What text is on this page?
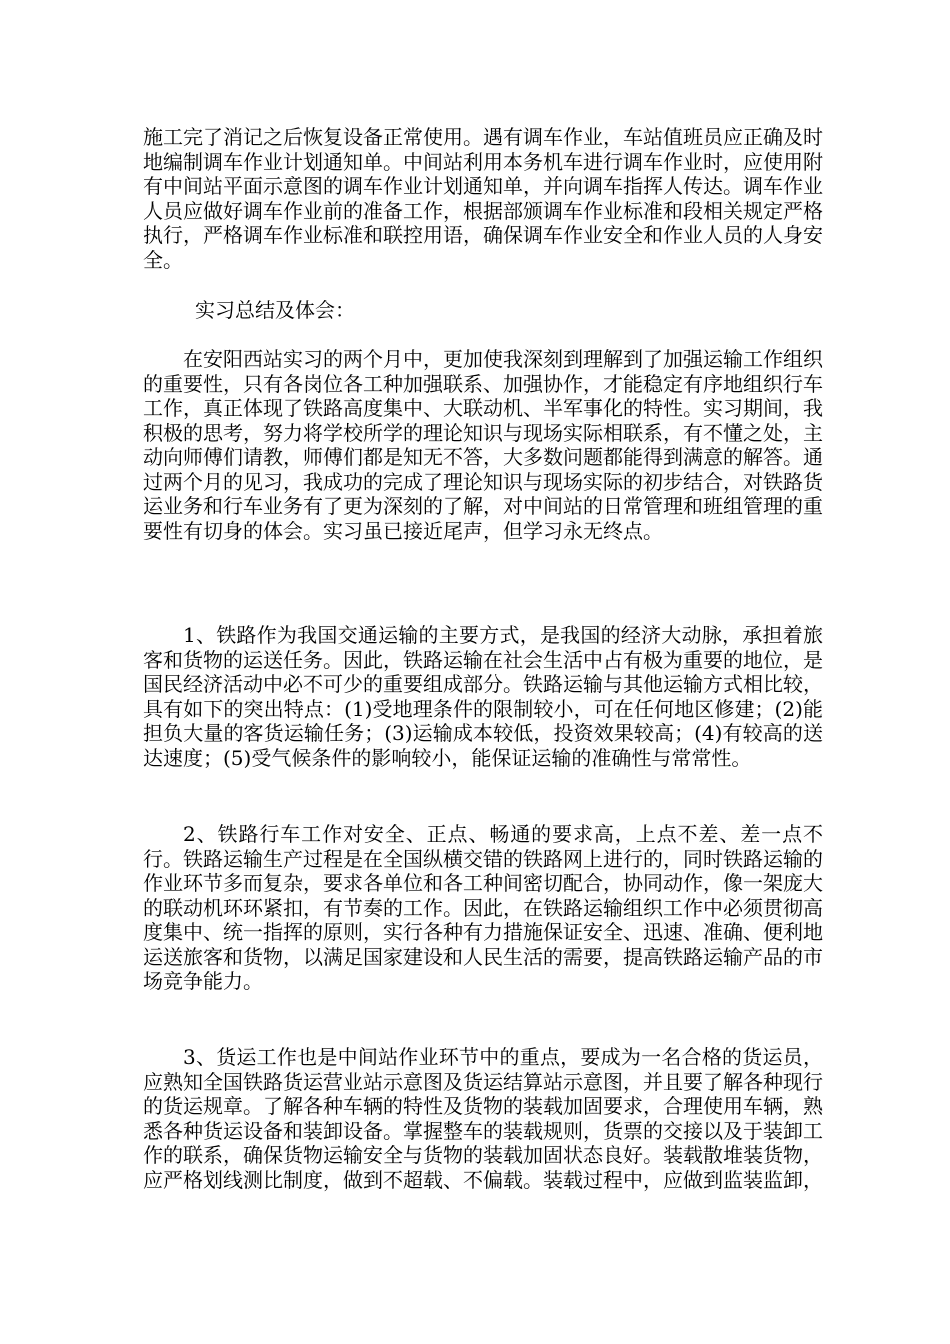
施工完了消记之后恢复设备正常使用。遇有调车作业，车站值班员应正确及时地编制调车作业计划通知单。中间站利用本务机车进行调车作业时，应使用附有中间站平面示意图的调车作业计划通知单，并向调车指挥人传达。调车作业人员应做好调车作业前的准备工作，根据部颁调车作业标准和段相关规定严格执行，严格调车作业标准和联控用语，确保调车作业安全和作业人员的人身安全。

实习总结及体会：

在安阳西站实习的两个月中，更加使我深刻到理解到了加强运输工作组织的重要性，只有各岗位各工种加强联系、加强协作，才能稳定有序地组织行车工作，真正体现了铁路高度集中、大联动机、半军事化的特性。实习期间，我积极的思考，努力将学校所学的理论知识与现场实际相联系，有不懂之处，主动向师傅们请教，师傅们都是知无不答，大多数问题都能得到满意的解答。通过两个月的见习，我成功的完成了理论知识与现场实际的初步结合，对铁路货运业务和行车业务有了更为深刻的了解，对中间站的日常管理和班组管理的重要性有切身的体会。实习虽已接近尾声，但学习永无终点。

1、铁路作为我国交通运输的主要方式，是我国的经济大动脉，承担着旅客和货物的运送任务。因此，铁路运输在社会生活中占有极为重要的地位，是国民经济活动中必不可少的重要组成部分。铁路运输与其他运输方式相比较，具有如下的突出特点：(1)受地理条件的限制较小，可在任何地区修建；(2)能担负大量的客货运输任务；(3)运输成本较低，投资效果较高；(4)有较高的送达速度；(5)受气候条件的影响较小，能保证运输的准确性与常常性。

2、铁路行车工作对安全、正点、畅通的要求高，上点不差、差一点不行。铁路运输生产过程是在全国纵横交错的铁路网上进行的，同时铁路运输的作业环节多而复杂，要求各单位和各工种间密切配合，协同动作，像一架庞大的联动机环环紧扣，有节奏的工作。因此，在铁路运输组织工作中必须贯彻高度集中、统一指挥的原则，实行各种有力措施保证安全、迅速、准确、便利地运送旅客和货物，以满足国家建设和人民生活的需要，提高铁路运输产品的市场竞争能力。

3、货运工作也是中间站作业环节中的重点，要成为一名合格的货运员，应熟知全国铁路货运营业站示意图及货运结算站示意图，并且要了解各种现行的货运规章。了解各种车辆的特性及货物的装载加固要求，合理使用车辆，熟悉各种货运设备和装卸设备。掌握整车的装载规则，货票的交接以及于装卸工作的联系，确保货物运输安全与货物的装载加固状态良好。装载散堆装货物，应严格划线测比制度，做到不超载、不偏载。装载过程中，应做到监装监卸，
